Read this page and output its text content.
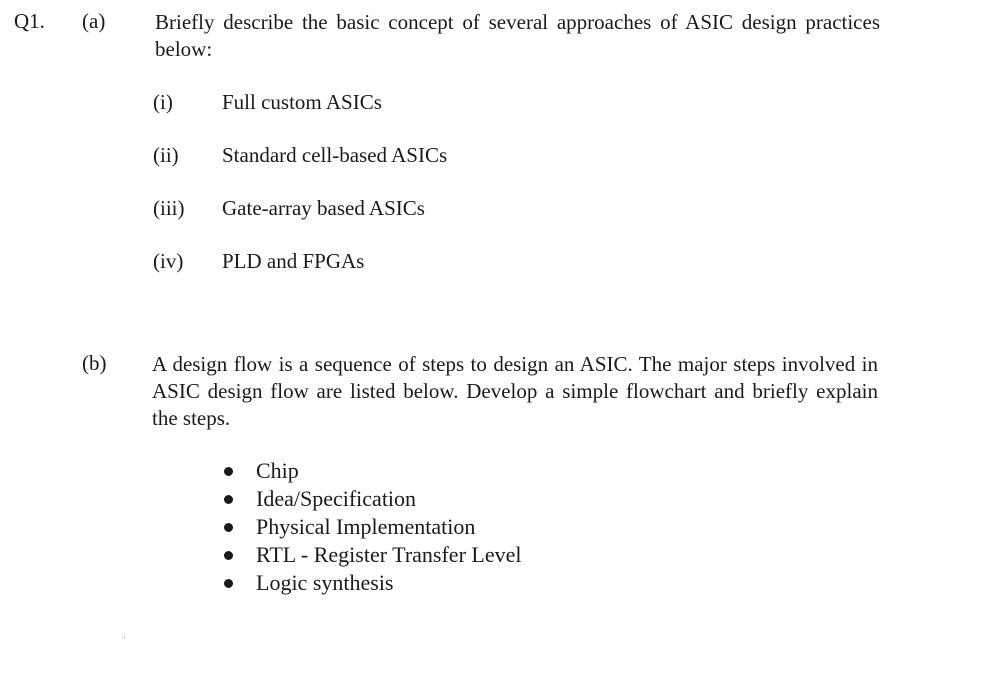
Q1. (a) Briefly describe the basic concept of several approaches of ASIC design practices below:
(i) Full custom ASICs
(ii) Standard cell-based ASICs
(iii) Gate-array based ASICs
(iv) PLD and FPGAs
(b) A design flow is a sequence of steps to design an ASIC. The major steps involved in ASIC design flow are listed below. Develop a simple flowchart and briefly explain the steps.
Chip
Idea/Specification
Physical Implementation
RTL - Register Transfer Level
Logic synthesis
